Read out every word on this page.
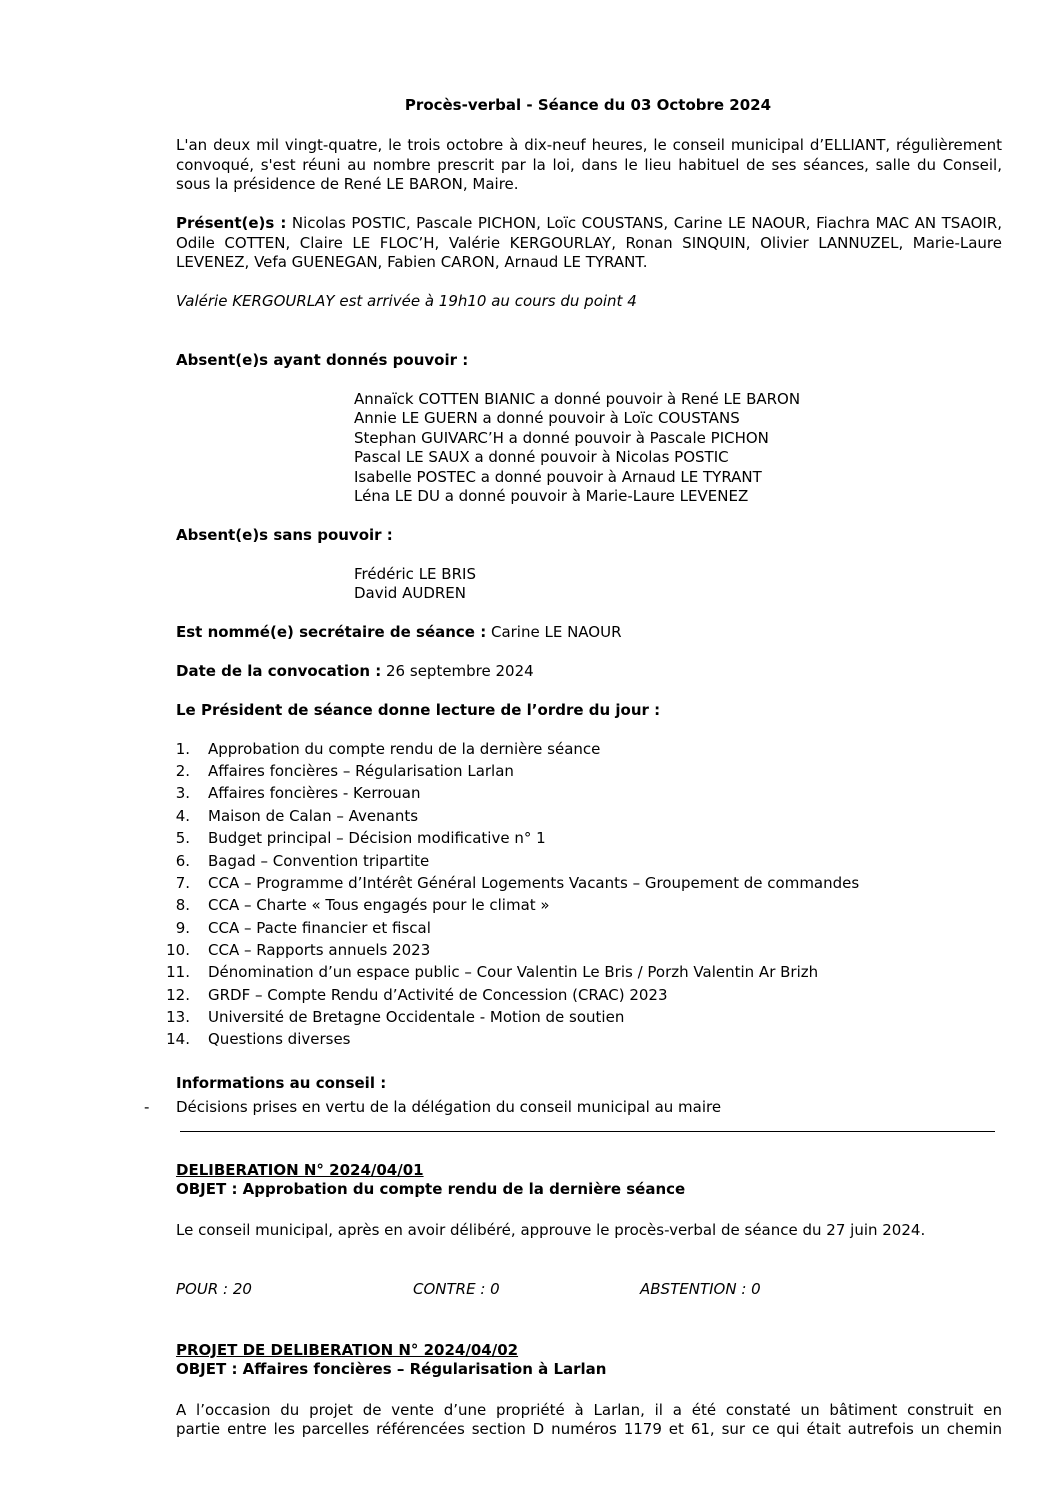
Procès-verbal - Séance du 03 Octobre 2024
L'an deux mil vingt-quatre, le trois octobre à dix-neuf heures, le conseil municipal d’ELLIANT, régulièrement convoqué, s'est réuni au nombre prescrit par la loi, dans le lieu habituel de ses séances, salle du Conseil, sous la présidence de René LE BARON, Maire.
Présent(e)s : Nicolas POSTIC, Pascale PICHON, Loïc COUSTANS, Carine LE NAOUR, Fiachra MAC AN TSAOIR, Odile COTTEN, Claire LE FLOC’H, Valérie KERGOURLAY, Ronan SINQUIN, Olivier LANNUZEL, Marie-Laure LEVENEZ, Vefa GUENEGAN, Fabien CARON, Arnaud LE TYRANT.
Valérie KERGOURLAY est arrivée à 19h10 au cours du point 4
Absent(e)s ayant donnés pouvoir :
Annaïck COTTEN BIANIC a donné pouvoir à René LE BARON
Annie LE GUERN a donné pouvoir à Loïc COUSTANS
Stephan GUIVARC’H a donné pouvoir à Pascale PICHON
Pascal LE SAUX a donné pouvoir à Nicolas POSTIC
Isabelle POSTEC a donné pouvoir à Arnaud LE TYRANT
Léna LE DU a donné pouvoir à Marie-Laure LEVENEZ
Absent(e)s sans pouvoir :
Frédéric LE BRIS
David AUDREN
Est nommé(e) secrétaire de séance : Carine LE NAOUR
Date de la convocation : 26 septembre 2024
Le Président de séance donne lecture de l’ordre du jour :
1. Approbation du compte rendu de la dernière séance
2. Affaires foncières – Régularisation Larlan
3. Affaires foncières - Kerrouan
4. Maison de Calan – Avenants
5. Budget principal – Décision modificative n° 1
6. Bagad – Convention tripartite
7. CCA – Programme d’Intérêt Général Logements Vacants – Groupement de commandes
8. CCA – Charte « Tous engagés pour le climat »
9. CCA – Pacte financier et fiscal
10. CCA – Rapports annuels 2023
11. Dénomination d’un espace public – Cour Valentin Le Bris / Porzh Valentin Ar Brizh
12. GRDF – Compte Rendu d’Activité de Concession (CRAC) 2023
13. Université de Bretagne Occidentale - Motion de soutien
14. Questions diverses
Informations au conseil :
- Décisions prises en vertu de la délégation du conseil municipal au maire
DELIBERATION N° 2024/04/01
OBJET : Approbation du compte rendu de la dernière séance
Le conseil municipal, après en avoir délibéré, approuve le procès-verbal de séance du 27 juin 2024.
POUR : 20	CONTRE : 0	ABSTENTION : 0
PROJET DE DELIBERATION N° 2024/04/02
OBJET : Affaires foncières – Régularisation à Larlan
A l’occasion du projet de vente d’une propriété à Larlan, il a été constaté un bâtiment construit en
partie entre les parcelles référencées section D numéros 1179 et 61, sur ce qui était autrefois un chemin
